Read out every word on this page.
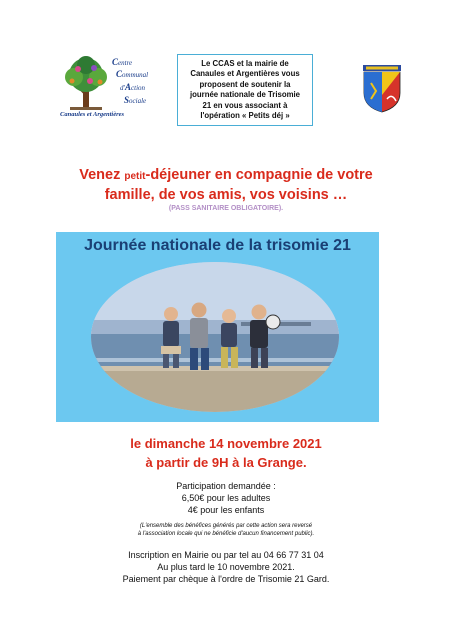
Centre
Communal
d'Action
Sociale
Canaules et Argentières

Le CCAS et la mairie de
Canaules et Argentières vous
proposent de soutenir la
journée nationale de Trisomie
21 en vous associant à
l'opération « Petits déj »

Venez petit-déjeuner en compagnie de votre
famille, de vos amis, vos voisins …
(PASS SANITAIRE OBLIGATOIRE).
Journée nationale de la trisomie 21
le dimanche 14 novembre 2021
à partir de 9H à la Grange.
Participation demandée :
6,50€ pour les adultes
4€ pour les enfants
(L'ensemble des bénéfices générés par cette action sera reversé
à l'association locale qui ne bénéficie d'aucun financement public).
Inscription en Mairie ou par tel au 04 66 77 31 04
Au plus tard le 10 novembre 2021.
Paiement par chèque à l'ordre de Trisomie 21 Gard.
